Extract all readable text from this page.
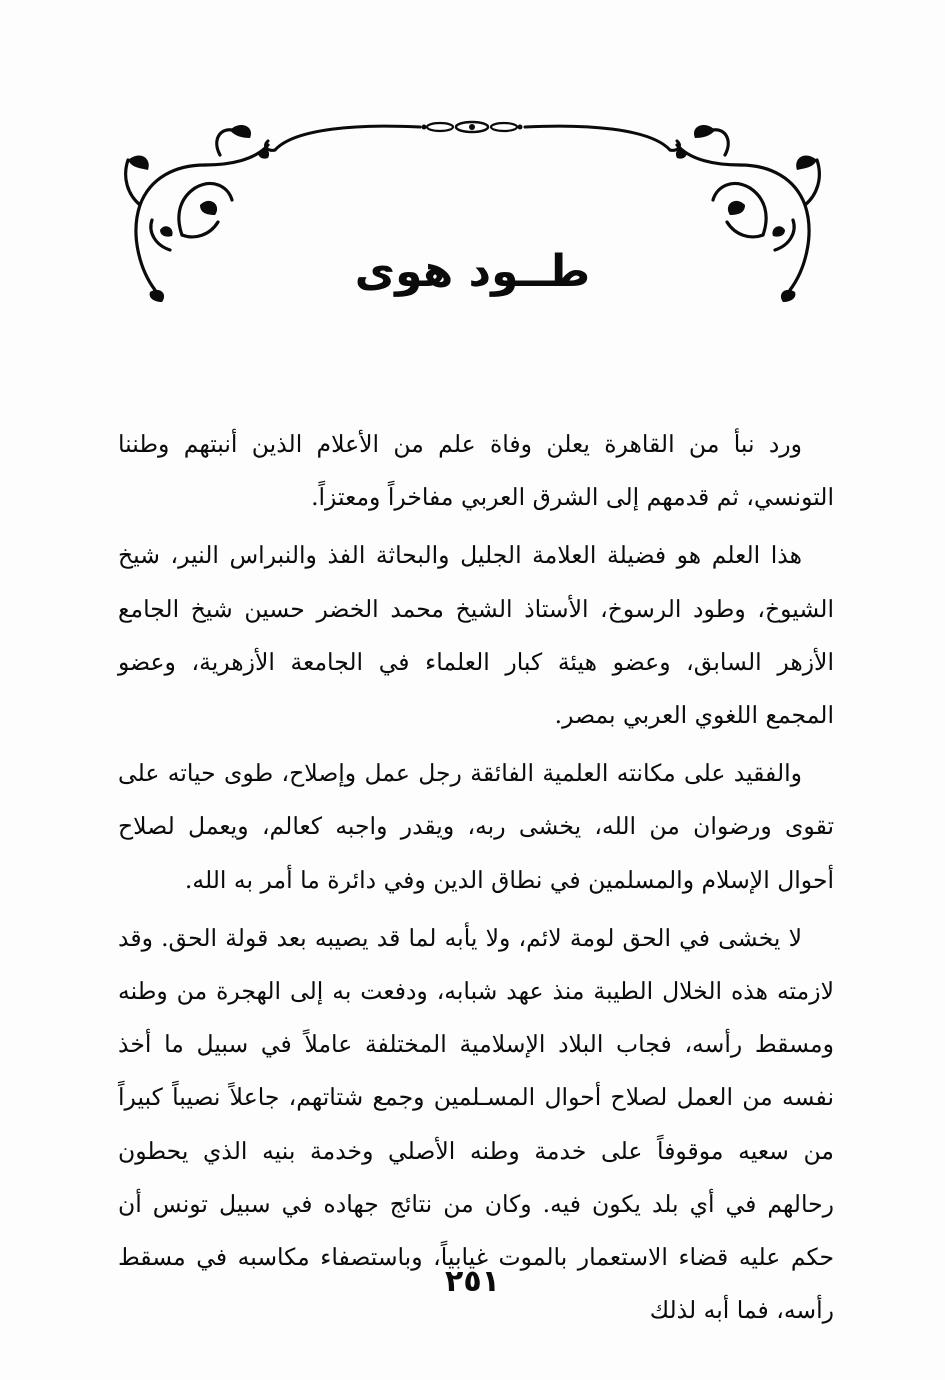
طــود هوى

ورد نبأ من القاهرة يعلن وفاة علم من الأعلام الذين أنبتهم وطننا التونسي، ثم قدمهم إلى الشرق العربي مفاخراً ومعتزاً.

هذا العلم هو فضيلة العلامة الجليل والبحاثة الفذ والنبراس النير، شيخ الشيوخ، وطود الرسوخ، الأستاذ الشيخ محمد الخضر حسين شيخ الجامع الأزهر السابق، وعضو هيئة كبار العلماء في الجامعة الأزهرية، وعضو المجمع اللغوي العربي بمصر.

والفقيد على مكانته العلمية الفائقة رجل عمل وإصلاح، طوى حياته على تقوى ورضوان من الله، يخشى ربه، ويقدر واجبه كعالم، ويعمل لصلاح أحوال الإسلام والمسلمين في نطاق الدين وفي دائرة ما أمر به الله.

لا يخشى في الحق لومة لائم، ولا يأبه لما قد يصيبه بعد قولة الحق. وقد لازمته هذه الخلال الطيبة منذ عهد شبابه، ودفعت به إلى الهجرة من وطنه ومسقط رأسه، فجاب البلاد الإسلامية المختلفة عاملاً في سبيل ما أخذ نفسه من العمل لصلاح أحوال المسـلمين وجمع شتاتهم، جاعلاً نصيباً كبيراً من سعيه موقوفاً على خدمة وطنه الأصلي وخدمة بنيه الذي يحطون رحالهم في أي بلد يكون فيه. وكان من نتائج جهاده في سبيل تونس أن حكم عليه قضاء الاستعمار بالموت غيابياً، وباستصفاء مكاسبه في مسقط رأسه، فما أبه لذلك

٢٥١
